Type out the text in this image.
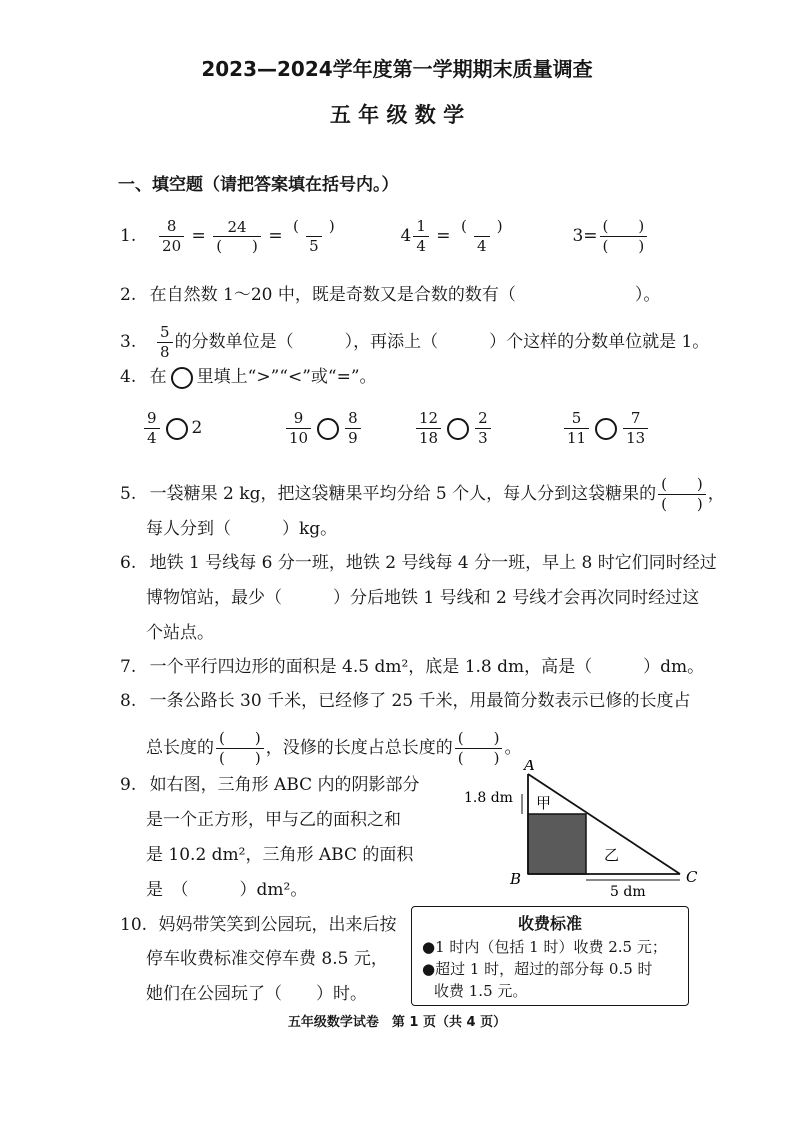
2023—2024学年度第一学期期末质量调查
五 年 级 数 学
一、填空题（请把答案填在括号内。）
1. $\frac{8}{20} = \frac{24}{( )} = \frac{( )}{5}$	$4 \frac{1}{4} = \frac{( )}{4}$	$3= \frac{( )}{( )}$
2. 在自然数 1～20 中，既是奇数又是合数的数有（　　　　　　　）。
3. $\frac{5}{8}$ 的分数单位是（　　　），再添上（　　　）个这样的分数单位就是 1。
4. 在 里填上“>”“<”或“=”。
$\frac{9}{4} 2$	$\frac{9}{10} \frac{8}{9}$	$\frac{12}{18} \frac{2}{3}$	$\frac{5}{11} \frac{7}{13}$
5. 一袋糖果 2 kg，把这袋糖果平均分给 5 个人，每人分到这袋糖果的 $\frac{( )}{( )}$ ，
每人分到（　　　）kg。
6. 地铁 1 号线每 6 分一班，地铁 2 号线每 4 分一班，早上 8 时它们同时经过
博物馆站，最少（　　　）分后地铁 1 号线和 2 号线才会再次同时经过这
个站点。
7. 一个平行四边形的面积是 4.5 dm²，底是 1.8 dm，高是（　　　）dm。
8. 一条公路长 30 千米，已经修了 25 千米，用最简分数表示已修的长度占
总长度的 $\frac{( )}{( )}$ ，没修的长度占总长度的 $\frac{( )}{( )}$ 。
9. 如右图，三角形 ABC 内的阴影部分
是一个正方形，甲与乙的面积之和
是 10.2 dm²，三角形 ABC 的面积
是　（　　　）dm²。
A
B	C
甲
乙
1.8 dm
5 dm
10. 妈妈带笑笑到公园玩，出来后按
停车收费标准交停车费 8.5 元，
她们在公园玩了（　　）时。
收费标准
●1 时内（包括 1 时）收费 2.5 元；
●超过 1 时，超过的部分每 0.5 时
收费 1.5 元。
五年级数学试卷　第 1 页（共 4 页）
